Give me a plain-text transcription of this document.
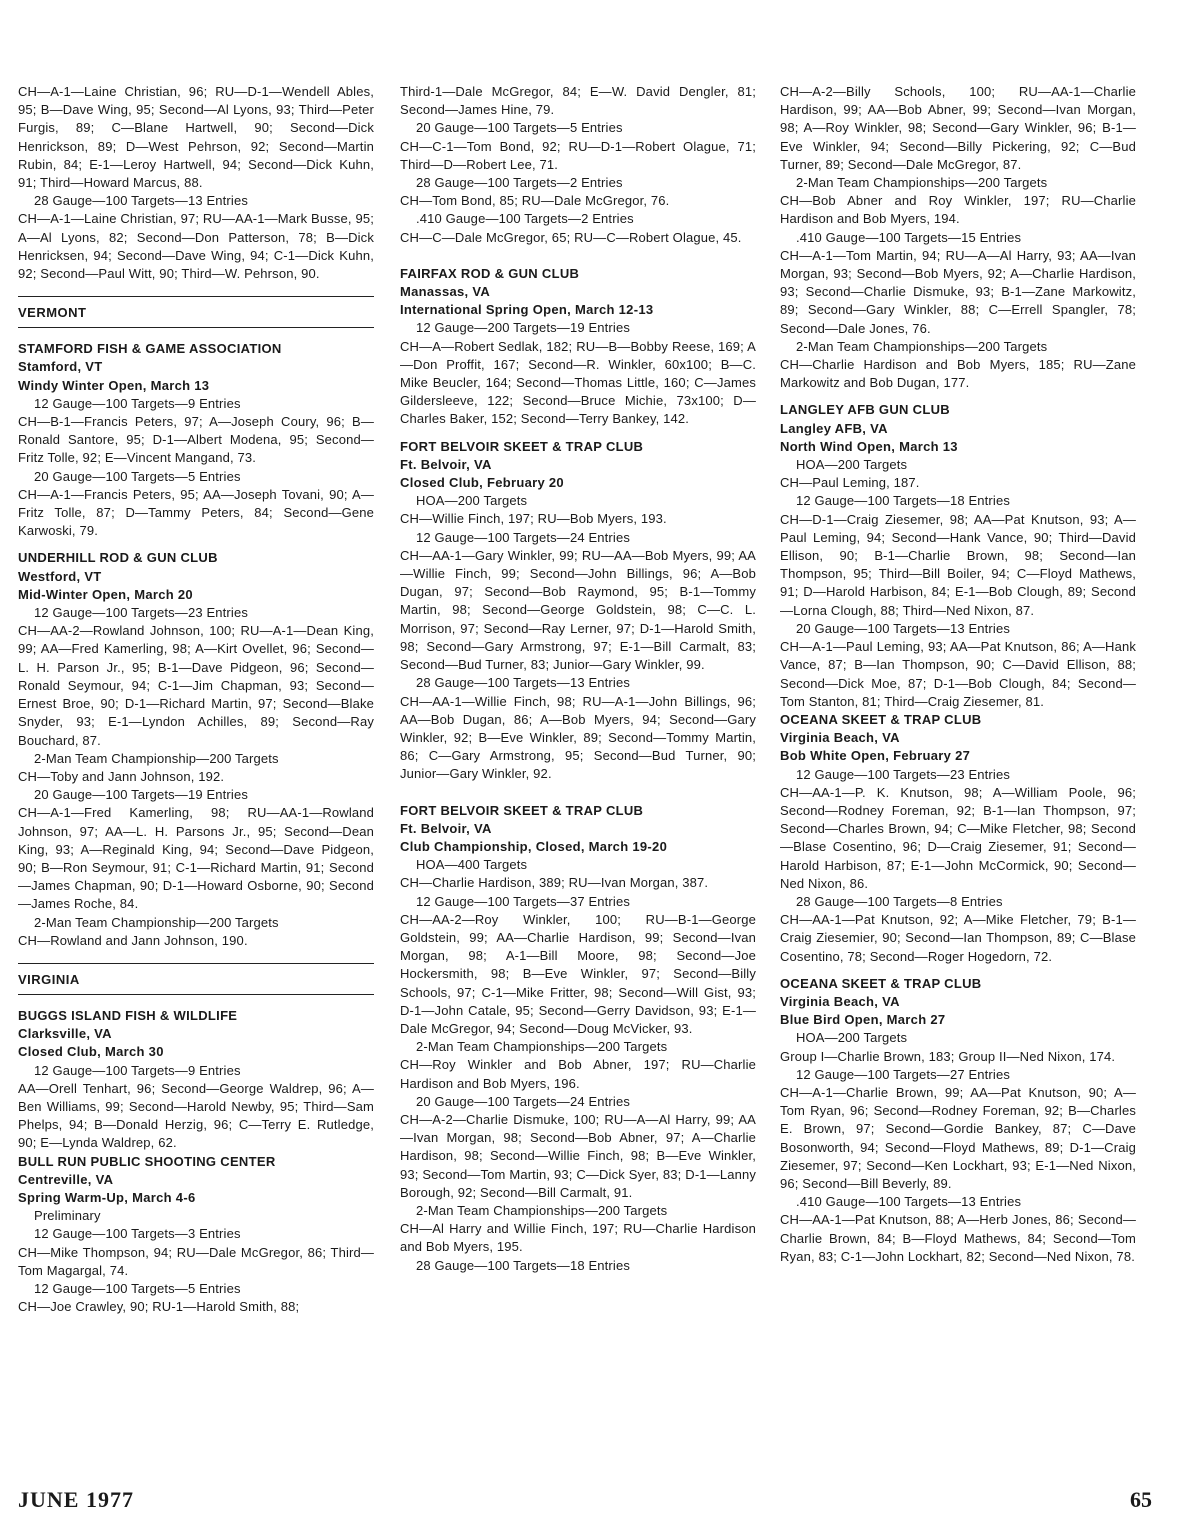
CH—A-1—Laine Christian, 96; RU—D-1—Wendell Ables, 95; B—Dave Wing, 95; Second—Al Lyons, 93; Third—Peter Furgis, 89; C—Blane Hartwell, 90; Second—Dick Henrickson, 89; D—West Pehrson, 92; Second—Martin Rubin, 84; E-1—Leroy Hartwell, 94; Second—Dick Kuhn, 91; Third—Howard Marcus, 88.

28 Gauge—100 Targets—13 Entries

CH—A-1—Laine Christian, 97; RU—AA-1—Mark Busse, 95; A—Al Lyons, 82; Second—Don Patterson, 78; B—Dick Henricksen, 94; Second—Dave Wing, 94; C-1—Dick Kuhn, 92; Second—Paul Witt, 90; Third—W. Pehrson, 90.

VERMONT

STAMFORD FISH & GAME ASSOCIATION

Stamford, VT

Windy Winter Open, March 13

12 Gauge—100 Targets—9 Entries

CH—B-1—Francis Peters, 97; A—Joseph Coury, 96; B—Ronald Santore, 95; D-1—Albert Modena, 95; Second—Fritz Tolle, 92; E—Vincent Mangand, 73.

20 Gauge—100 Targets—5 Entries

CH—A-1—Francis Peters, 95; AA—Joseph Tovani, 90; A—Fritz Tolle, 87; D—Tammy Peters, 84; Second—Gene Karwoski, 79.

UNDERHILL ROD & GUN CLUB

Westford, VT

Mid-Winter Open, March 20

12 Gauge—100 Targets—23 Entries

CH—AA-2—Rowland Johnson, 100; RU—A-1—Dean King, 99; AA—Fred Kamerling, 98; A—Kirt Ovellet, 96; Second—L. H. Parson Jr., 95; B-1—Dave Pidgeon, 96; Second—Ronald Seymour, 94; C-1—Jim Chapman, 93; Second—Ernest Broe, 90; D-1—Richard Martin, 97; Second—Blake Snyder, 93; E-1—Lyndon Achilles, 89; Second—Ray Bouchard, 87.

2-Man Team Championship—200 Targets

CH—Toby and Jann Johnson, 192.

20 Gauge—100 Targets—19 Entries

CH—A-1—Fred Kamerling, 98; RU—AA-1—Rowland Johnson, 97; AA—L. H. Parsons Jr., 95; Second—Dean King, 93; A—Reginald King, 94; Second—Dave Pidgeon, 90; B—Ron Seymour, 91; C-1—Richard Martin, 91; Second—James Chapman, 90; D-1—Howard Osborne, 90; Second—James Roche, 84.

2-Man Team Championship—200 Targets

CH—Rowland and Jann Johnson, 190.

VIRGINIA

BUGGS ISLAND FISH & WILDLIFE

Clarksville, VA

Closed Club, March 30

12 Gauge—100 Targets—9 Entries

AA—Orell Tenhart, 96; Second—George Waldrep, 96; A—Ben Williams, 99; Second—Harold Newby, 95; Third—Sam Phelps, 94; B—Donald Herzig, 96; C—Terry E. Rutledge, 90; E—Lynda Waldrep, 62.

BULL RUN PUBLIC SHOOTING CENTER

Centreville, VA

Spring Warm-Up, March 4-6

Preliminary

12 Gauge—100 Targets—3 Entries

CH—Mike Thompson, 94; RU—Dale McGregor, 86; Third—Tom Magargal, 74.

12 Gauge—100 Targets—5 Entries

CH—Joe Crawley, 90; RU-1—Harold Smith, 88;

Third-1—Dale McGregor, 84; E—W. David Dengler, 81; Second—James Hine, 79.

20 Gauge—100 Targets—5 Entries

CH—C-1—Tom Bond, 92; RU—D-1—Robert Olague, 71; Third—D—Robert Lee, 71.

28 Gauge—100 Targets—2 Entries

CH—Tom Bond, 85; RU—Dale McGregor, 76.

.410 Gauge—100 Targets—2 Entries

CH—C—Dale McGregor, 65; RU—C—Robert Olague, 45.

FAIRFAX ROD & GUN CLUB

Manassas, VA

International Spring Open, March 12-13

12 Gauge—200 Targets—19 Entries

CH—A—Robert Sedlak, 182; RU—B—Bobby Reese, 169; A—Don Proffit, 167; Second—R. Winkler, 60x100; B—C. Mike Beucler, 164; Second—Thomas Little, 160; C—James Gildersleeve, 122; Second—Bruce Michie, 73x100; D—Charles Baker, 152; Second—Terry Bankey, 142.

FORT BELVOIR SKEET & TRAP CLUB

Ft. Belvoir, VA

Closed Club, February 20

HOA—200 Targets

CH—Willie Finch, 197; RU—Bob Myers, 193.

12 Gauge—100 Targets—24 Entries

CH—AA-1—Gary Winkler, 99; RU—AA—Bob Myers, 99; AA—Willie Finch, 99; Second—John Billings, 96; A—Bob Dugan, 97; Second—Bob Raymond, 95; B-1—Tommy Martin, 98; Second—George Goldstein, 98; C—C. L. Morrison, 97; Second—Ray Lerner, 97; D-1—Harold Smith, 98; Second—Gary Armstrong, 97; E-1—Bill Carmalt, 83; Second—Bud Turner, 83; Junior—Gary Winkler, 99.

28 Gauge—100 Targets—13 Entries

CH—AA-1—Willie Finch, 98; RU—A-1—John Billings, 96; AA—Bob Dugan, 86; A—Bob Myers, 94; Second—Gary Winkler, 92; B—Eve Winkler, 89; Second—Tommy Martin, 86; C—Gary Armstrong, 95; Second—Bud Turner, 90; Junior—Gary Winkler, 92.

FORT BELVOIR SKEET & TRAP CLUB

Ft. Belvoir, VA

Club Championship, Closed, March 19-20

HOA—400 Targets

CH—Charlie Hardison, 389; RU—Ivan Morgan, 387.

12 Gauge—100 Targets—37 Entries

CH—AA-2—Roy Winkler, 100; RU—B-1—George Goldstein, 99; AA—Charlie Hardison, 99; Second—Ivan Morgan, 98; A-1—Bill Moore, 98; Second—Joe Hockersmith, 98; B—Eve Winkler, 97; Second—Billy Schools, 97; C-1—Mike Fritter, 98; Second—Will Gist, 93; D-1—John Catale, 95; Second—Gerry Davidson, 93; E-1—Dale McGregor, 94; Second—Doug McVicker, 93.

2-Man Team Championships—200 Targets

CH—Roy Winkler and Bob Abner, 197; RU—Charlie Hardison and Bob Myers, 196.

20 Gauge—100 Targets—24 Entries

CH—A-2—Charlie Dismuke, 100; RU—A—Al Harry, 99; AA—Ivan Morgan, 98; Second—Bob Abner, 97; A—Charlie Hardison, 98; Second—Willie Finch, 98; B—Eve Winkler, 93; Second—Tom Martin, 93; C—Dick Syer, 83; D-1—Lanny Borough, 92; Second—Bill Carmalt, 91.

2-Man Team Championships—200 Targets

CH—Al Harry and Willie Finch, 197; RU—Charlie Hardison and Bob Myers, 195.

28 Gauge—100 Targets—18 Entries

CH—A-2—Billy Schools, 100; RU—AA-1—Charlie Hardison, 99; AA—Bob Abner, 99; Second—Ivan Morgan, 98; A—Roy Winkler, 98; Second—Gary Winkler, 96; B-1—Eve Winkler, 94; Second—Billy Pickering, 92; C—Bud Turner, 89; Second—Dale McGregor, 87.

2-Man Team Championships—200 Targets

CH—Bob Abner and Roy Winkler, 197; RU—Charlie Hardison and Bob Myers, 194.

.410 Gauge—100 Targets—15 Entries

CH—A-1—Tom Martin, 94; RU—A—Al Harry, 93; AA—Ivan Morgan, 93; Second—Bob Myers, 92; A—Charlie Hardison, 93; Second—Charlie Dismuke, 93; B-1—Zane Markowitz, 89; Second—Gary Winkler, 88; C—Errell Spangler, 78; Second—Dale Jones, 76.

2-Man Team Championships—200 Targets

CH—Charlie Hardison and Bob Myers, 185; RU—Zane Markowitz and Bob Dugan, 177.

LANGLEY AFB GUN CLUB

Langley AFB, VA

North Wind Open, March 13

HOA—200 Targets

CH—Paul Leming, 187.

12 Gauge—100 Targets—18 Entries

CH—D-1—Craig Ziesemer, 98; AA—Pat Knutson, 93; A—Paul Leming, 94; Second—Hank Vance, 90; Third—David Ellison, 90; B-1—Charlie Brown, 98; Second—Ian Thompson, 95; Third—Bill Boiler, 94; C—Floyd Mathews, 91; D—Harold Harbison, 84; E-1—Bob Clough, 89; Second—Lorna Clough, 88; Third—Ned Nixon, 87.

20 Gauge—100 Targets—13 Entries

CH—A-1—Paul Leming, 93; AA—Pat Knutson, 86; A—Hank Vance, 87; B—Ian Thompson, 90; C—David Ellison, 88; Second—Dick Moe, 87; D-1—Bob Clough, 84; Second—Tom Stanton, 81; Third—Craig Ziesemer, 81.

OCEANA SKEET & TRAP CLUB

Virginia Beach, VA

Bob White Open, February 27

12 Gauge—100 Targets—23 Entries

CH—AA-1—P. K. Knutson, 98; A—William Poole, 96; Second—Rodney Foreman, 92; B-1—Ian Thompson, 97; Second—Charles Brown, 94; C—Mike Fletcher, 98; Second—Blase Cosentino, 96; D—Craig Ziesemer, 91; Second—Harold Harbison, 87; E-1—John McCormick, 90; Second—Ned Nixon, 86.

28 Gauge—100 Targets—8 Entries

CH—AA-1—Pat Knutson, 92; A—Mike Fletcher, 79; B-1—Craig Ziesemier, 90; Second—Ian Thompson, 89; C—Blase Cosentino, 78; Second—Roger Hogedorn, 72.

OCEANA SKEET & TRAP CLUB

Virginia Beach, VA

Blue Bird Open, March 27

HOA—200 Targets

Group I—Charlie Brown, 183; Group II—Ned Nixon, 174.

12 Gauge—100 Targets—27 Entries

CH—A-1—Charlie Brown, 99; AA—Pat Knutson, 90; A—Tom Ryan, 96; Second—Rodney Foreman, 92; B—Charles E. Brown, 97; Second—Gordie Bankey, 87; C—Dave Bosonworth, 94; Second—Floyd Mathews, 89; D-1—Craig Ziesemer, 97; Second—Ken Lockhart, 93; E-1—Ned Nixon, 96; Second—Bill Beverly, 89.

.410 Gauge—100 Targets—13 Entries

CH—AA-1—Pat Knutson, 88; A—Herb Jones, 86; Second—Charlie Brown, 84; B—Floyd Mathews, 84; Second—Tom Ryan, 83; C-1—John Lockhart, 82; Second—Ned Nixon, 78.

JUNE 1977	65
